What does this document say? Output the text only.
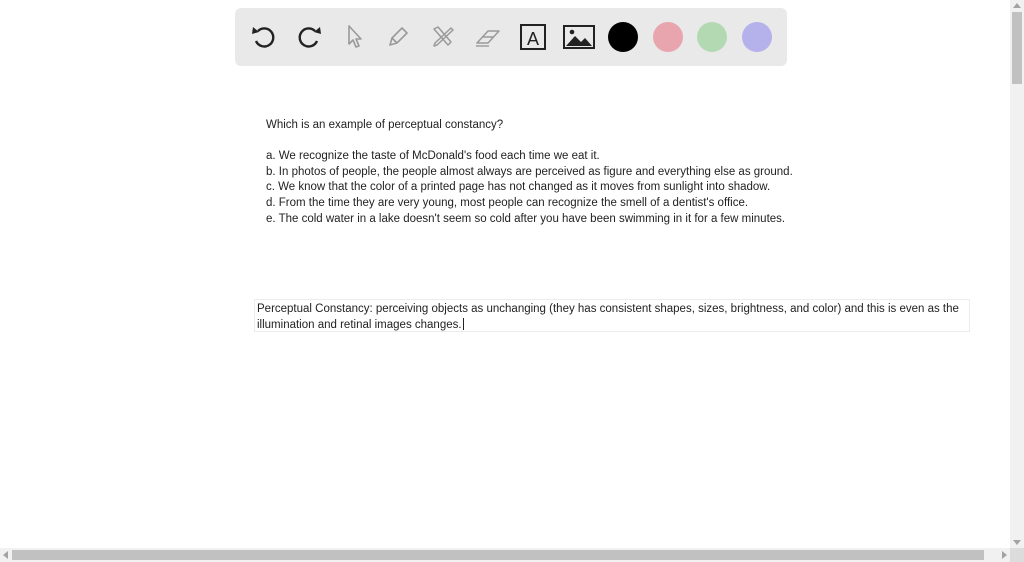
A
Which is an example of perceptual constancy?
a. We recognize the taste of McDonald's food each time we eat it.
b. In photos of people, the people almost always are perceived as figure and everything else as ground.
c. We know that the color of a printed page has not changed as it moves from sunlight into shadow.
d. From the time they are very young, most people can recognize the smell of a dentist's office.
e. The cold water in a lake doesn't seem so cold after you have been swimming in it for a few minutes.
Perceptual Constancy: perceiving objects as unchanging (they has consistent shapes, sizes, brightness, and color) and this is even as the illumination and retinal images changes.
